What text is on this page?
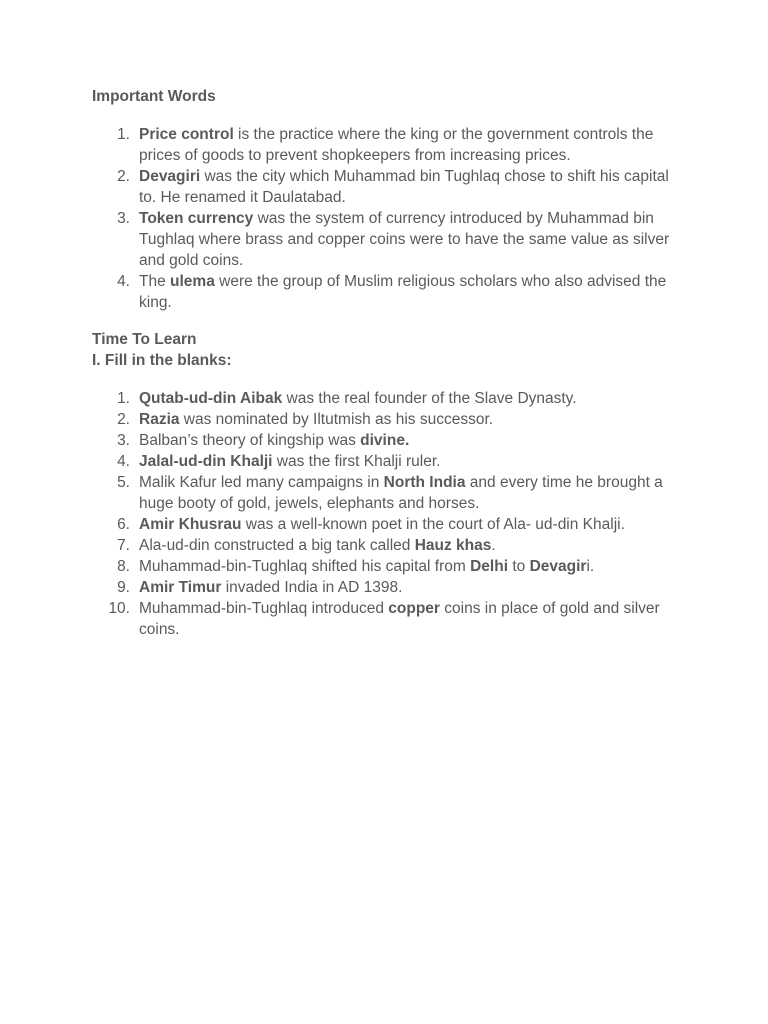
Important Words
1. Price control is the practice where the king or the government controls the prices of goods to prevent shopkeepers from increasing prices.
2. Devagiri was the city which Muhammad bin Tughlaq chose to shift his capital to. He renamed it Daulatabad.
3. Token currency was the system of currency introduced by Muhammad bin Tughlaq where brass and copper coins were to have the same value as silver and gold coins.
4. The ulema were the group of Muslim religious scholars who also advised the king.
Time To Learn
I. Fill in the blanks:
1. Qutab-ud-din Aibak was the real founder of the Slave Dynasty.
2. Razia was nominated by Iltutmish as his successor.
3. Balban’s theory of kingship was divine.
4. Jalal-ud-din Khalji was the first Khalji ruler.
5. Malik Kafur led many campaigns in North India and every time he brought a huge booty of gold, jewels, elephants and horses.
6. Amir Khusrau was a well-known poet in the court of Ala- ud-din Khalji.
7. Ala-ud-din constructed a big tank called Hauz khas.
8. Muhammad-bin-Tughlaq shifted his capital from Delhi to Devagiri.
9. Amir Timur invaded India in AD 1398.
10. Muhammad-bin-Tughlaq introduced copper coins in place of gold and silver coins.
